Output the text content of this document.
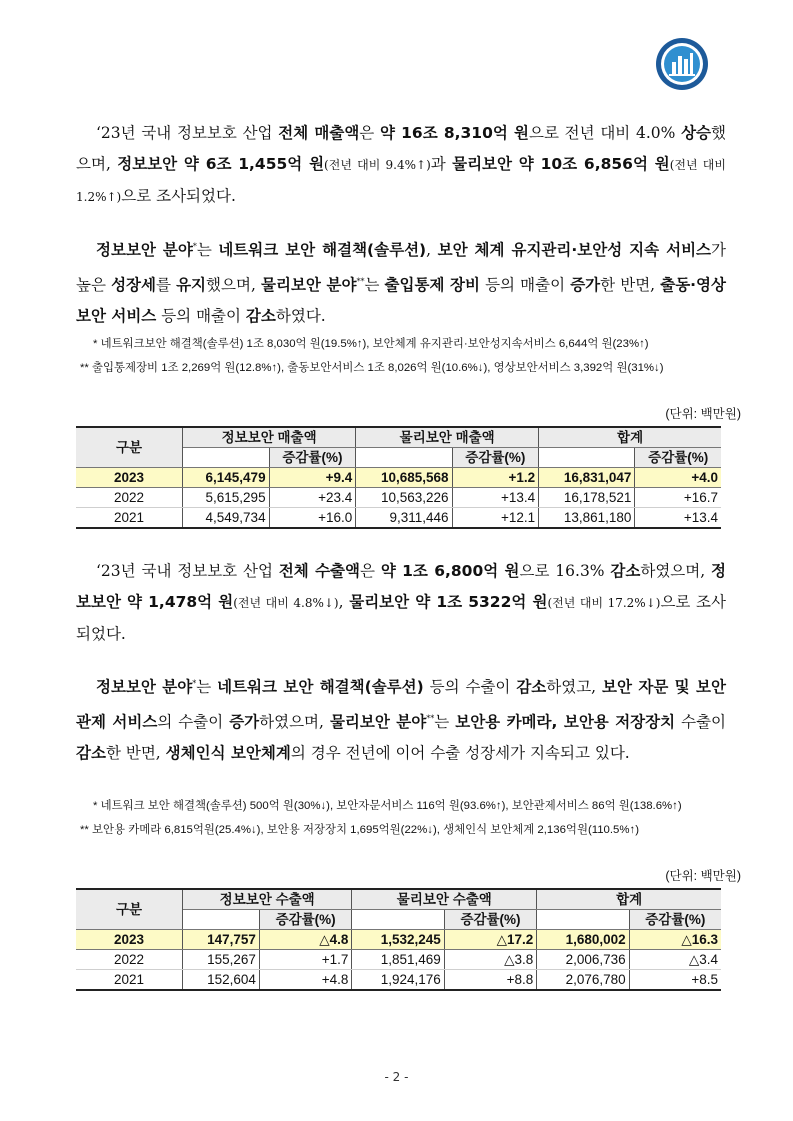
‘23년 국내 정보보호 산업 전체 매출액은 약 16조 8,310억 원으로 전년 대비 4.0% 상승했으며, 정보보안 약 6조 1,455억 원(전년 대비 9.4%↑)과 물리보안 약 10조 6,856억 원(전년 대비 1.2%↑)으로 조사되었다.
정보보안 분야*는 네트워크 보안 해결책(솔루션), 보안 체계 유지관리·보안성 지속 서비스가 높은 성장세를 유지했으며, 물리보안 분야**는 출입통제 장비 등의 매출이 증가한 반면, 출동·영상보안 서비스 등의 매출이 감소하였다.
* 네트워크보안 해결책(솔루션) 1조 8,030억 원(19.5%↑), 보안체계 유지관리·보안성지속서비스 6,644억 원(23%↑)
** 출입통제장비 1조 2,269억 원(12.8%↑), 출동보안서비스 1조 8,026억 원(10.6%↓), 영상보안서비스 3,392억 원(31%↓)
(단위: 백만원)
구분	정보보안 매출액		물리보안 매출액		합계	
		증감률(%)		증감률(%)		증감률(%)
2023	6,145,479	+9.4	10,685,568	+1.2	16,831,047	+4.0
2022	5,615,295	+23.4	10,563,226	+13.4	16,178,521	+16.7
2021	4,549,734	+16.0	9,311,446	+12.1	13,861,180	+13.4
‘23년 국내 정보보호 산업 전체 수출액은 약 1조 6,800억 원으로 16.3% 감소하였으며, 정보보안 약 1,478억 원(전년 대비 4.8%↓), 물리보안 약 1조 5322억 원(전년 대비 17.2%↓)으로 조사되었다.
정보보안 분야*는 네트워크 보안 해결책(솔루션) 등의 수출이 감소하였고, 보안 자문 및 보안관제 서비스의 수출이 증가하였으며, 물리보안 분야**는 보안용 카메라, 보안용 저장장치 수출이 감소한 반면, 생체인식 보안체계의 경우 전년에 이어 수출 성장세가 지속되고 있다.
* 네트워크 보안 해결책(솔루션) 500억 원(30%↓), 보안자문서비스 116억 원(93.6%↑), 보안관제서비스 86억 원(138.6%↑)
** 보안용 카메라 6,815억원(25.4%↓), 보안용 저장장치 1,695억원(22%↓), 생체인식 보안체계 2,136억원(110.5%↑)
(단위: 백만원)
구분	정보보안 수출액		물리보안 수출액		합계	
		증감률(%)		증감률(%)		증감률(%)
2023	147,757	△4.8	1,532,245	△17.2	1,680,002	△16.3
2022	155,267	+1.7	1,851,469	△3.8	2,006,736	△3.4
2021	152,604	+4.8	1,924,176	+8.8	2,076,780	+8.5
- 2 -
